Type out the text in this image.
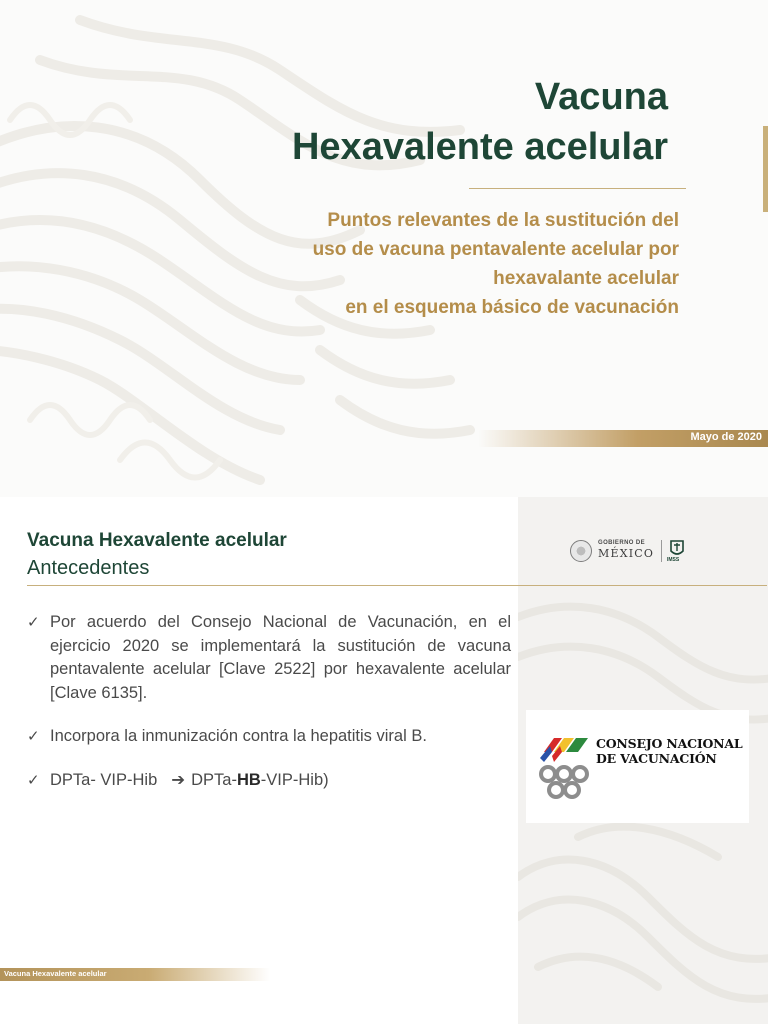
Vacuna
Hexavalente acelular
Puntos relevantes de la sustitución del
uso de vacuna pentavalente acelular por
hexavalante acelular
en el esquema básico de vacunación
Mayo de 2020
Vacuna Hexavalente acelular
Antecedentes
GOBIERNO DE
MÉXICO	IMSS
✓ Por acuerdo del Consejo Nacional de Vacunación, en el ejercicio 2020 se implementará la sustitución de vacuna pentavalente acelular [Clave 2522] por hexavalente acelular [Clave 6135].
✓ Incorpora la inmunización contra la hepatitis viral B.
✓ DPTa- VIP-Hib ➔ DPTa-HB-VIP-Hib)
CONSEJO NACIONAL
DE VACUNACIÓN
Vacuna Hexavalente acelular
